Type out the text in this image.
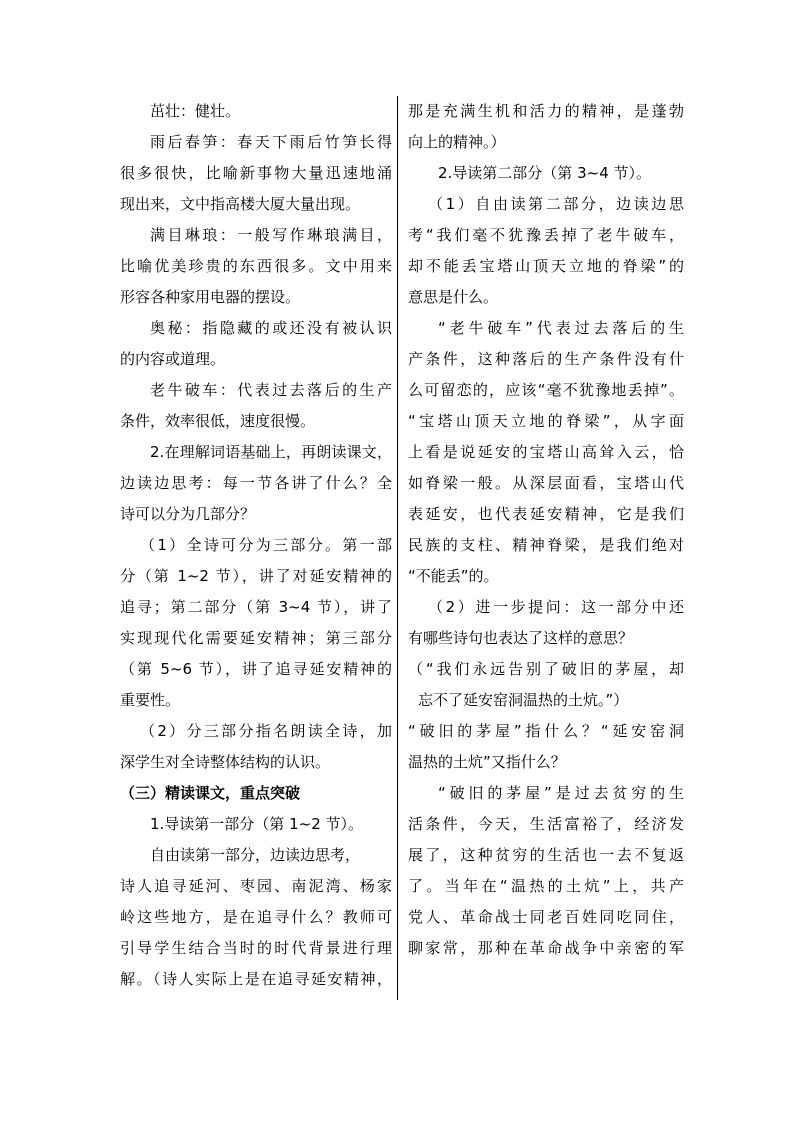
茁壮：健壮。
雨后春笋：春天下雨后竹笋长得
很多很快，比喻新事物大量迅速地涌
现出来，文中指高楼大厦大量出现。
满目琳琅：一般写作琳琅满目，
比喻优美珍贵的东西很多。文中用来
形容各种家用电器的摆设。
奥秘：指隐藏的或还没有被认识
的内容或道理。
老牛破车：代表过去落后的生产
条件，效率很低，速度很慢。
2.在理解词语基础上，再朗读课文，
边读边思考：每一节各讲了什么？全
诗可以分为几部分？
（1）全诗可分为三部分。第一部
分（第 1~2 节），讲了对延安精神的
追寻；第二部分（第 3~4 节），讲了
实现现代化需要延安精神；第三部分
（第 5~6 节），讲了追寻延安精神的
重要性。
（2）分三部分指名朗读全诗，加
深学生对全诗整体结构的认识。
（三）精读课文，重点突破
1.导读第一部分（第 1~2 节）。
自由读第一部分，边读边思考，
诗人追寻延河、枣园、南泥湾、杨家
岭这些地方，是在追寻什么？教师可
引导学生结合当时的时代背景进行理
解。（诗人实际上是在追寻延安精神，
那是充满生机和活力的精神，是蓬勃
向上的精神。）
2.导读第二部分（第 3~4 节）。
（1）自由读第二部分，边读边思
考“我们毫不犹豫丢掉了老牛破车，
却不能丢宝塔山顶天立地的脊梁”的
意思是什么。
“老牛破车”代表过去落后的生
产条件，这种落后的生产条件没有什
么可留恋的，应该“毫不犹豫地丢掉”。
“宝塔山顶天立地的脊梁”，从字面
上看是说延安的宝塔山高耸入云，恰
如脊梁一般。从深层面看，宝塔山代
表延安，也代表延安精神，它是我们
民族的支柱、精神脊梁，是我们绝对
“不能丢”的。
（2）进一步提问：这一部分中还
有哪些诗句也表达了这样的意思？
（“我们永远告别了破旧的茅屋，却
忘不了延安窑洞温热的土炕。”）
“破旧的茅屋”指什么？“延安窑洞
温热的土炕”又指什么？
“破旧的茅屋”是过去贫穷的生
活条件，今天，生活富裕了，经济发
展了，这种贫穷的生活也一去不复返
了。当年在“温热的土炕”上，共产
党人、革命战士同老百姓同吃同住，
聊家常，那种在革命战争中亲密的军
